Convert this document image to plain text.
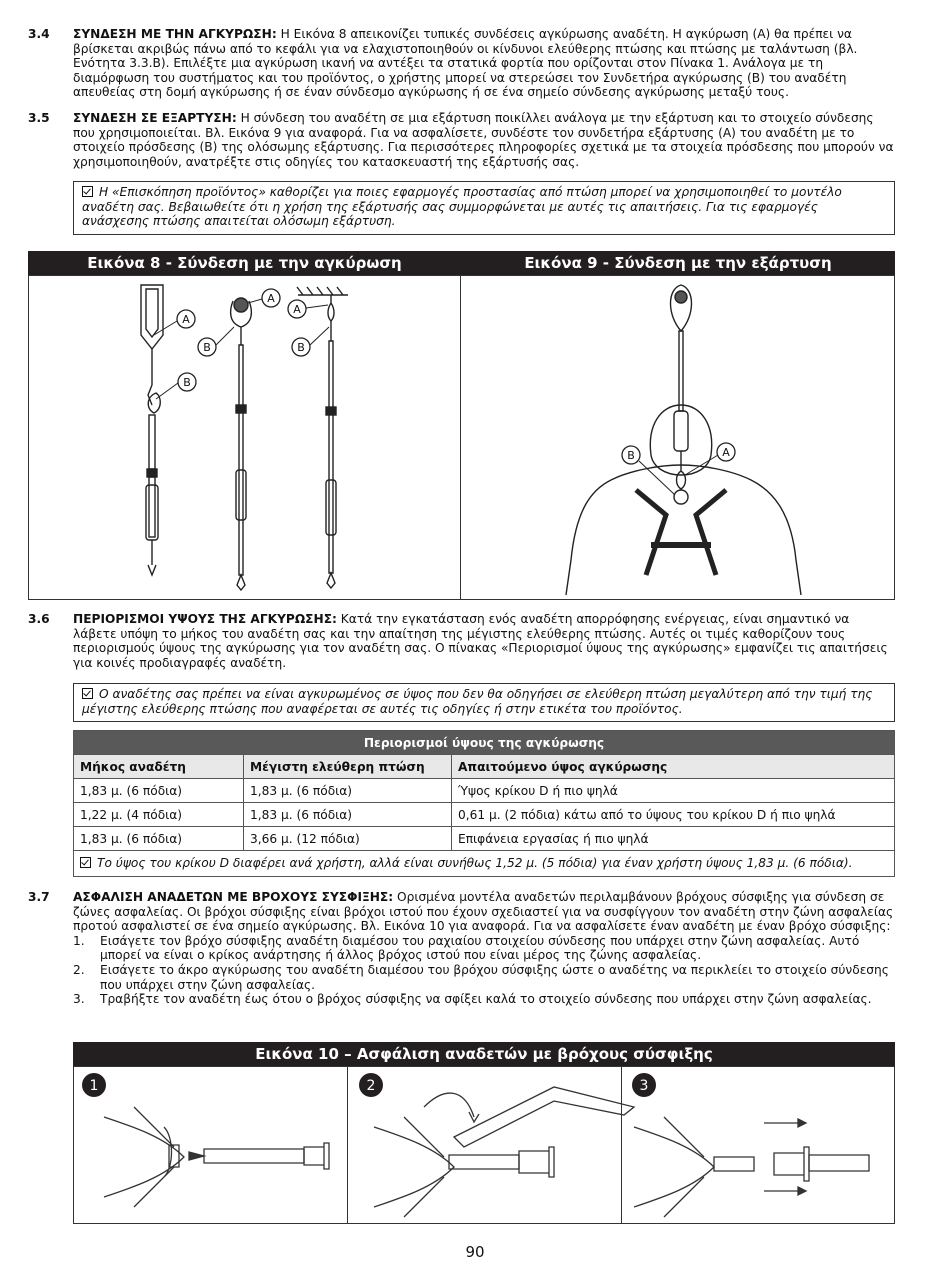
3.4 ΣΥΝΔΕΣΗ ΜΕ ΤΗΝ ΑΓΚΥΡΩΣΗ: Η Εικόνα 8 απεικονίζει τυπικές συνδέσεις αγκύρωσης αναδέτη. Η αγκύρωση (A) θα πρέπει να βρίσκεται ακριβώς πάνω από το κεφάλι για να ελαχιστοποιηθούν οι κίνδυνοι ελεύθερης πτώσης και πτώσης με ταλάντωση (βλ. Ενότητα 3.3.B). Επιλέξτε μια αγκύρωση ικανή να αντέξει τα στατικά φορτία που ορίζονται στον Πίνακα 1. Ανάλογα με τη διαμόρφωση του συστήματος και του προϊόντος, ο χρήστης μπορεί να στερεώσει τον Συνδετήρα αγκύρωσης (B) του αναδέτη απευθείας στη δομή αγκύρωσης ή σε έναν σύνδεσμο αγκύρωσης ή σε ένα σημείο σύνδεσης αγκύρωσης μεταξύ τους.
3.5 ΣΥΝΔΕΣΗ ΣΕ ΕΞΑΡΤΥΣΗ: Η σύνδεση του αναδέτη σε μια εξάρτυση ποικίλλει ανάλογα με την εξάρτυση και το στοιχείο σύνδεσης που χρησιμοποιείται. Βλ. Εικόνα 9 για αναφορά. Για να ασφαλίσετε, συνδέστε τον συνδετήρα εξάρτυσης (A) του αναδέτη με το στοιχείο πρόσδεσης (B) της ολόσωμης εξάρτυσης. Για περισσότερες πληροφορίες σχετικά με τα στοιχεία πρόσδεσης που μπορούν να χρησιμοποιηθούν, ανατρέξτε στις οδηγίες του κατασκευαστή της εξάρτυσής σας.
Η «Επισκόπηση προϊόντος» καθορίζει για ποιες εφαρμογές προστασίας από πτώση μπορεί να χρησιμοποιηθεί το μοντέλο αναδέτη σας. Βεβαιωθείτε ότι η χρήση της εξάρτυσής σας συμμορφώνεται με αυτές τις απαιτήσεις. Για τις εφαρμογές ανάσχεσης πτώσης απαιτείται ολόσωμη εξάρτυση.
Εικόνα 8 - Σύνδεση με την αγκύρωση	Εικόνα 9 - Σύνδεση με την εξάρτυση
A
B
B
A
A
B
B	A
3.6 ΠΕΡΙΟΡΙΣΜΟΙ ΥΨΟΥΣ ΤΗΣ ΑΓΚΥΡΩΣΗΣ: Κατά την εγκατάσταση ενός αναδέτη απορρόφησης ενέργειας, είναι σημαντικό να λάβετε υπόψη το μήκος του αναδέτη σας και την απαίτηση της μέγιστης ελεύθερης πτώσης. Αυτές οι τιμές καθορίζουν τους περιορισμούς ύψους της αγκύρωσης για τον αναδέτη σας. Ο πίνακας «Περιορισμοί ύψους της αγκύρωσης» εμφανίζει τις απαιτήσεις για κοινές προδιαγραφές αναδέτη.
Ο αναδέτης σας πρέπει να είναι αγκυρωμένος σε ύψος που δεν θα οδηγήσει σε ελεύθερη πτώση μεγαλύτερη από την τιμή της μέγιστης ελεύθερης πτώσης που αναφέρεται σε αυτές τις οδηγίες ή στην ετικέτα του προϊόντος.
Περιορισμοί ύψους της αγκύρωσης		
Μήκος αναδέτη	Μέγιστη ελεύθερη πτώση	Απαιτούμενο ύψος αγκύρωσης
1,83 μ. (6 πόδια)	1,83 μ. (6 πόδια)	Ύψος κρίκου D ή πιο ψηλά
1,22 μ. (4 πόδια)	1,83 μ. (6 πόδια)	0,61 μ. (2 πόδια) κάτω από το ύψους του κρίκου D ή πιο ψηλά
1,83 μ. (6 πόδια)	3,66 μ. (12 πόδια)	Επιφάνεια εργασίας ή πιο ψηλά
Το ύψος του κρίκου D διαφέρει ανά χρήστη, αλλά είναι συνήθως 1,52 μ. (5 πόδια) για έναν χρήστη ύψους 1,83 μ. (6 πόδια).		
3.7 ΑΣΦΑΛΙΣΗ ΑΝΑΔΕΤΩΝ ΜΕ ΒΡΟΧΟΥΣ ΣΥΣΦΙΞΗΣ: Ορισμένα μοντέλα αναδετών περιλαμβάνουν βρόχους σύσφιξης για σύνδεση σε ζώνες ασφαλείας. Οι βρόχοι σύσφιξης είναι βρόχοι ιστού που έχουν σχεδιαστεί για να συσφίγγουν τον αναδέτη στην ζώνη ασφαλείας προτού ασφαλιστεί σε ένα σημείο αγκύρωσης. Βλ. Εικόνα 10 για αναφορά. Για να ασφαλίσετε έναν αναδέτη με έναν βρόχο σύσφιξης:
1. Εισάγετε τον βρόχο σύσφιξης αναδέτη διαμέσου του ραχιαίου στοιχείου σύνδεσης που υπάρχει στην ζώνη ασφαλείας. Αυτό μπορεί να είναι ο κρίκος ανάρτησης ή άλλος βρόχος ιστού που είναι μέρος της ζώνης ασφαλείας.
2. Εισάγετε το άκρο αγκύρωσης του αναδέτη διαμέσου του βρόχου σύσφιξης ώστε ο αναδέτης να περικλείει το στοιχείο σύνδεσης που υπάρχει στην ζώνη ασφαλείας.
3. Τραβήξτε τον αναδέτη έως ότου ο βρόχος σύσφιξης να σφίξει καλά το στοιχείο σύνδεσης που υπάρχει στην ζώνη ασφαλείας.
Εικόνα 10 – Ασφάλιση αναδετών με βρόχους σύσφιξης
1	2	3
90
